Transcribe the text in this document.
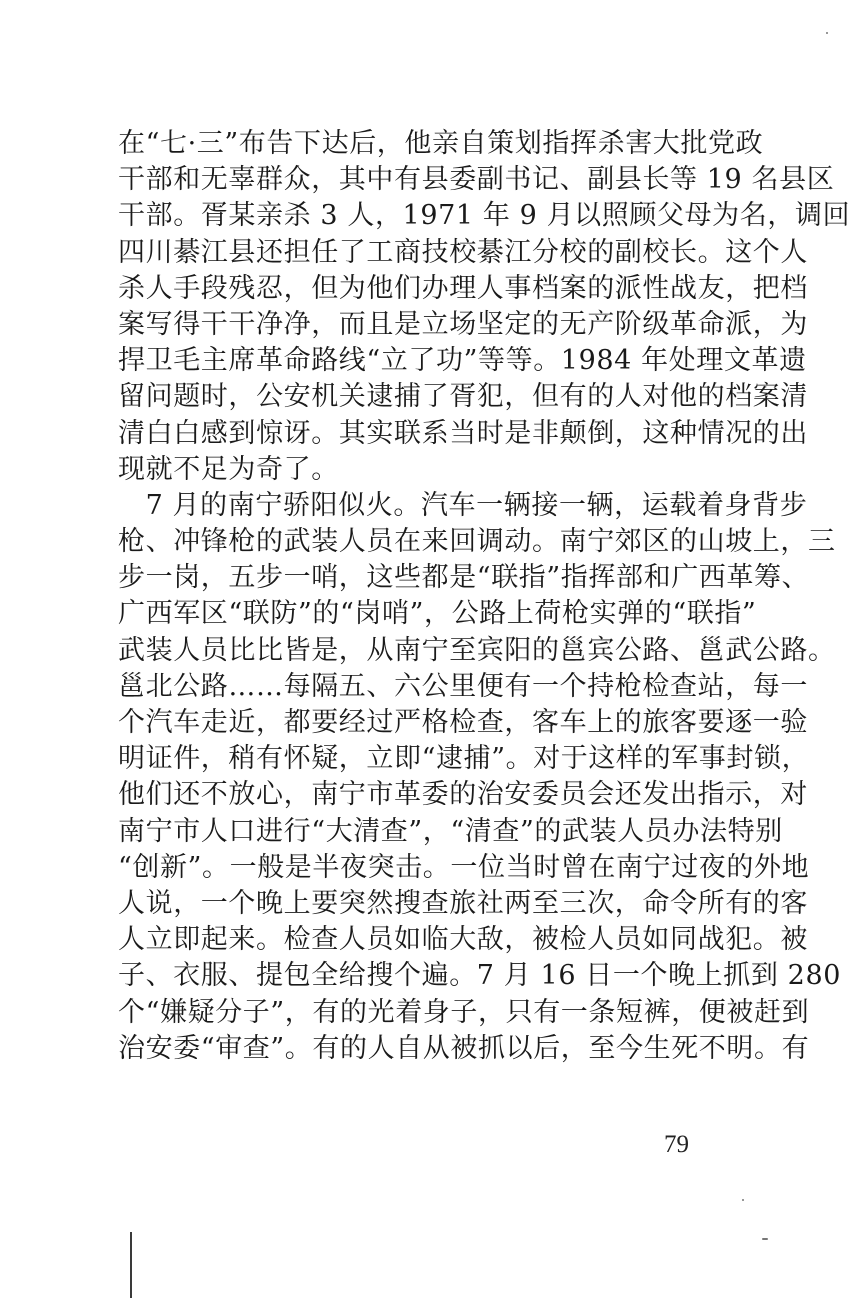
在“七·三”布告下达后，他亲自策划指挥杀害大批党政
干部和无辜群众，其中有县委副书记、副县长等 19 名县区
干部。胥某亲杀 3 人，1971 年 9 月以照顾父母为名，调回
四川綦江县还担任了工商技校綦江分校的副校长。这个人
杀人手段残忍，但为他们办理人事档案的派性战友，把档
案写得干干净净，而且是立场坚定的无产阶级革命派，为
捍卫毛主席革命路线“立了功”等等。1984 年处理文革遗
留问题时，公安机关逮捕了胥犯，但有的人对他的档案清
清白白感到惊讶。其实联系当时是非颠倒，这种情况的出
现就不足为奇了。
　7 月的南宁骄阳似火。汽车一辆接一辆，运载着身背步
枪、冲锋枪的武装人员在来回调动。南宁郊区的山坡上，三
步一岗，五步一哨，这些都是“联指”指挥部和广西革筹、
广西军区“联防”的“岗哨”，公路上荷枪实弹的“联指”
武装人员比比皆是，从南宁至宾阳的邕宾公路、邕武公路。
邕北公路……每隔五、六公里便有一个持枪检查站，每一
个汽车走近，都要经过严格检查，客车上的旅客要逐一验
明证件，稍有怀疑，立即“逮捕”。对于这样的军事封锁，
他们还不放心，南宁市革委的治安委员会还发出指示，对
南宁市人口进行“大清查”，“清查”的武装人员办法特别
“创新”。一般是半夜突击。一位当时曾在南宁过夜的外地
人说，一个晚上要突然搜查旅社两至三次，命令所有的客
人立即起来。检查人员如临大敌，被检人员如同战犯。被
子、衣服、提包全给搜个遍。7 月 16 日一个晚上抓到 280
个“嫌疑分子”，有的光着身子，只有一条短裤，便被赶到
治安委“审查”。有的人自从被抓以后，至今生死不明。有
79
